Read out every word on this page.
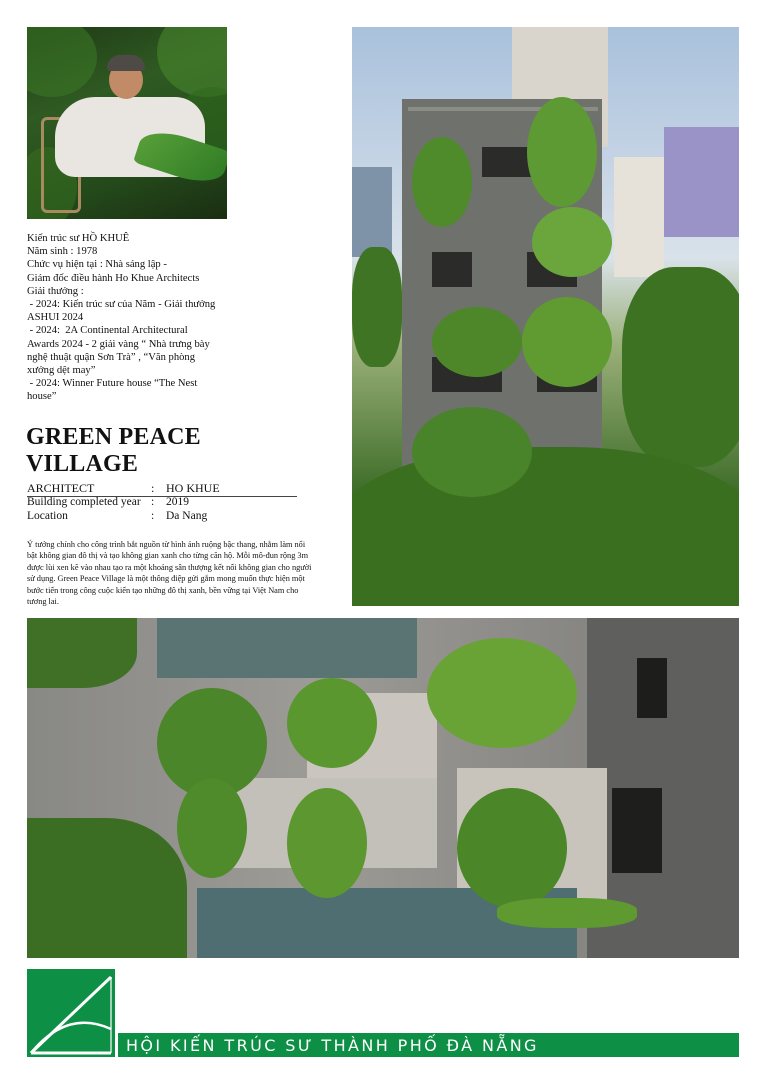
Kiến trúc sư HỒ KHUÊ
Năm sinh : 1978
Chức vụ hiện tại : Nhà sáng lập -
Giám đốc điều hành Ho Khue Architects
Giải thưởng :
- 2024: Kiến trúc sư của Năm - Giải thưởng
ASHUI 2024
- 2024:  2A Continental Architectural
Awards 2024 - 2 giải vàng “ Nhà trưng bày
nghệ thuật quận Sơn Trà” , “Văn phòng
xưởng dệt may”
- 2024: Winner Future house “The Nest
house”
GREEN PEACE
VILLAGE
ARCHITECT	: HO KHUE
Building completed year : 2019
Location	: Da Nang
Ý tưởng chính cho công trình bắt nguồn từ hình ảnh ruộng bậc thang, nhằm làm nổi bật không gian đô thị và tạo không gian xanh cho từng căn hộ. Mỗi mô-đun rộng 3m được lùi xen kẽ vào nhau tạo ra một khoảng sân thượng kết nối không gian cho người sử dụng. Green Peace Village là một thông điệp gửi gắm mong muốn thực hiện một bước tiến trong công cuộc kiến tạo những đô thị xanh, bền vững tại Việt Nam cho tương lai.
HỘI KIẾN TRÚC SƯ THÀNH PHỐ ĐÀ NẴNG
